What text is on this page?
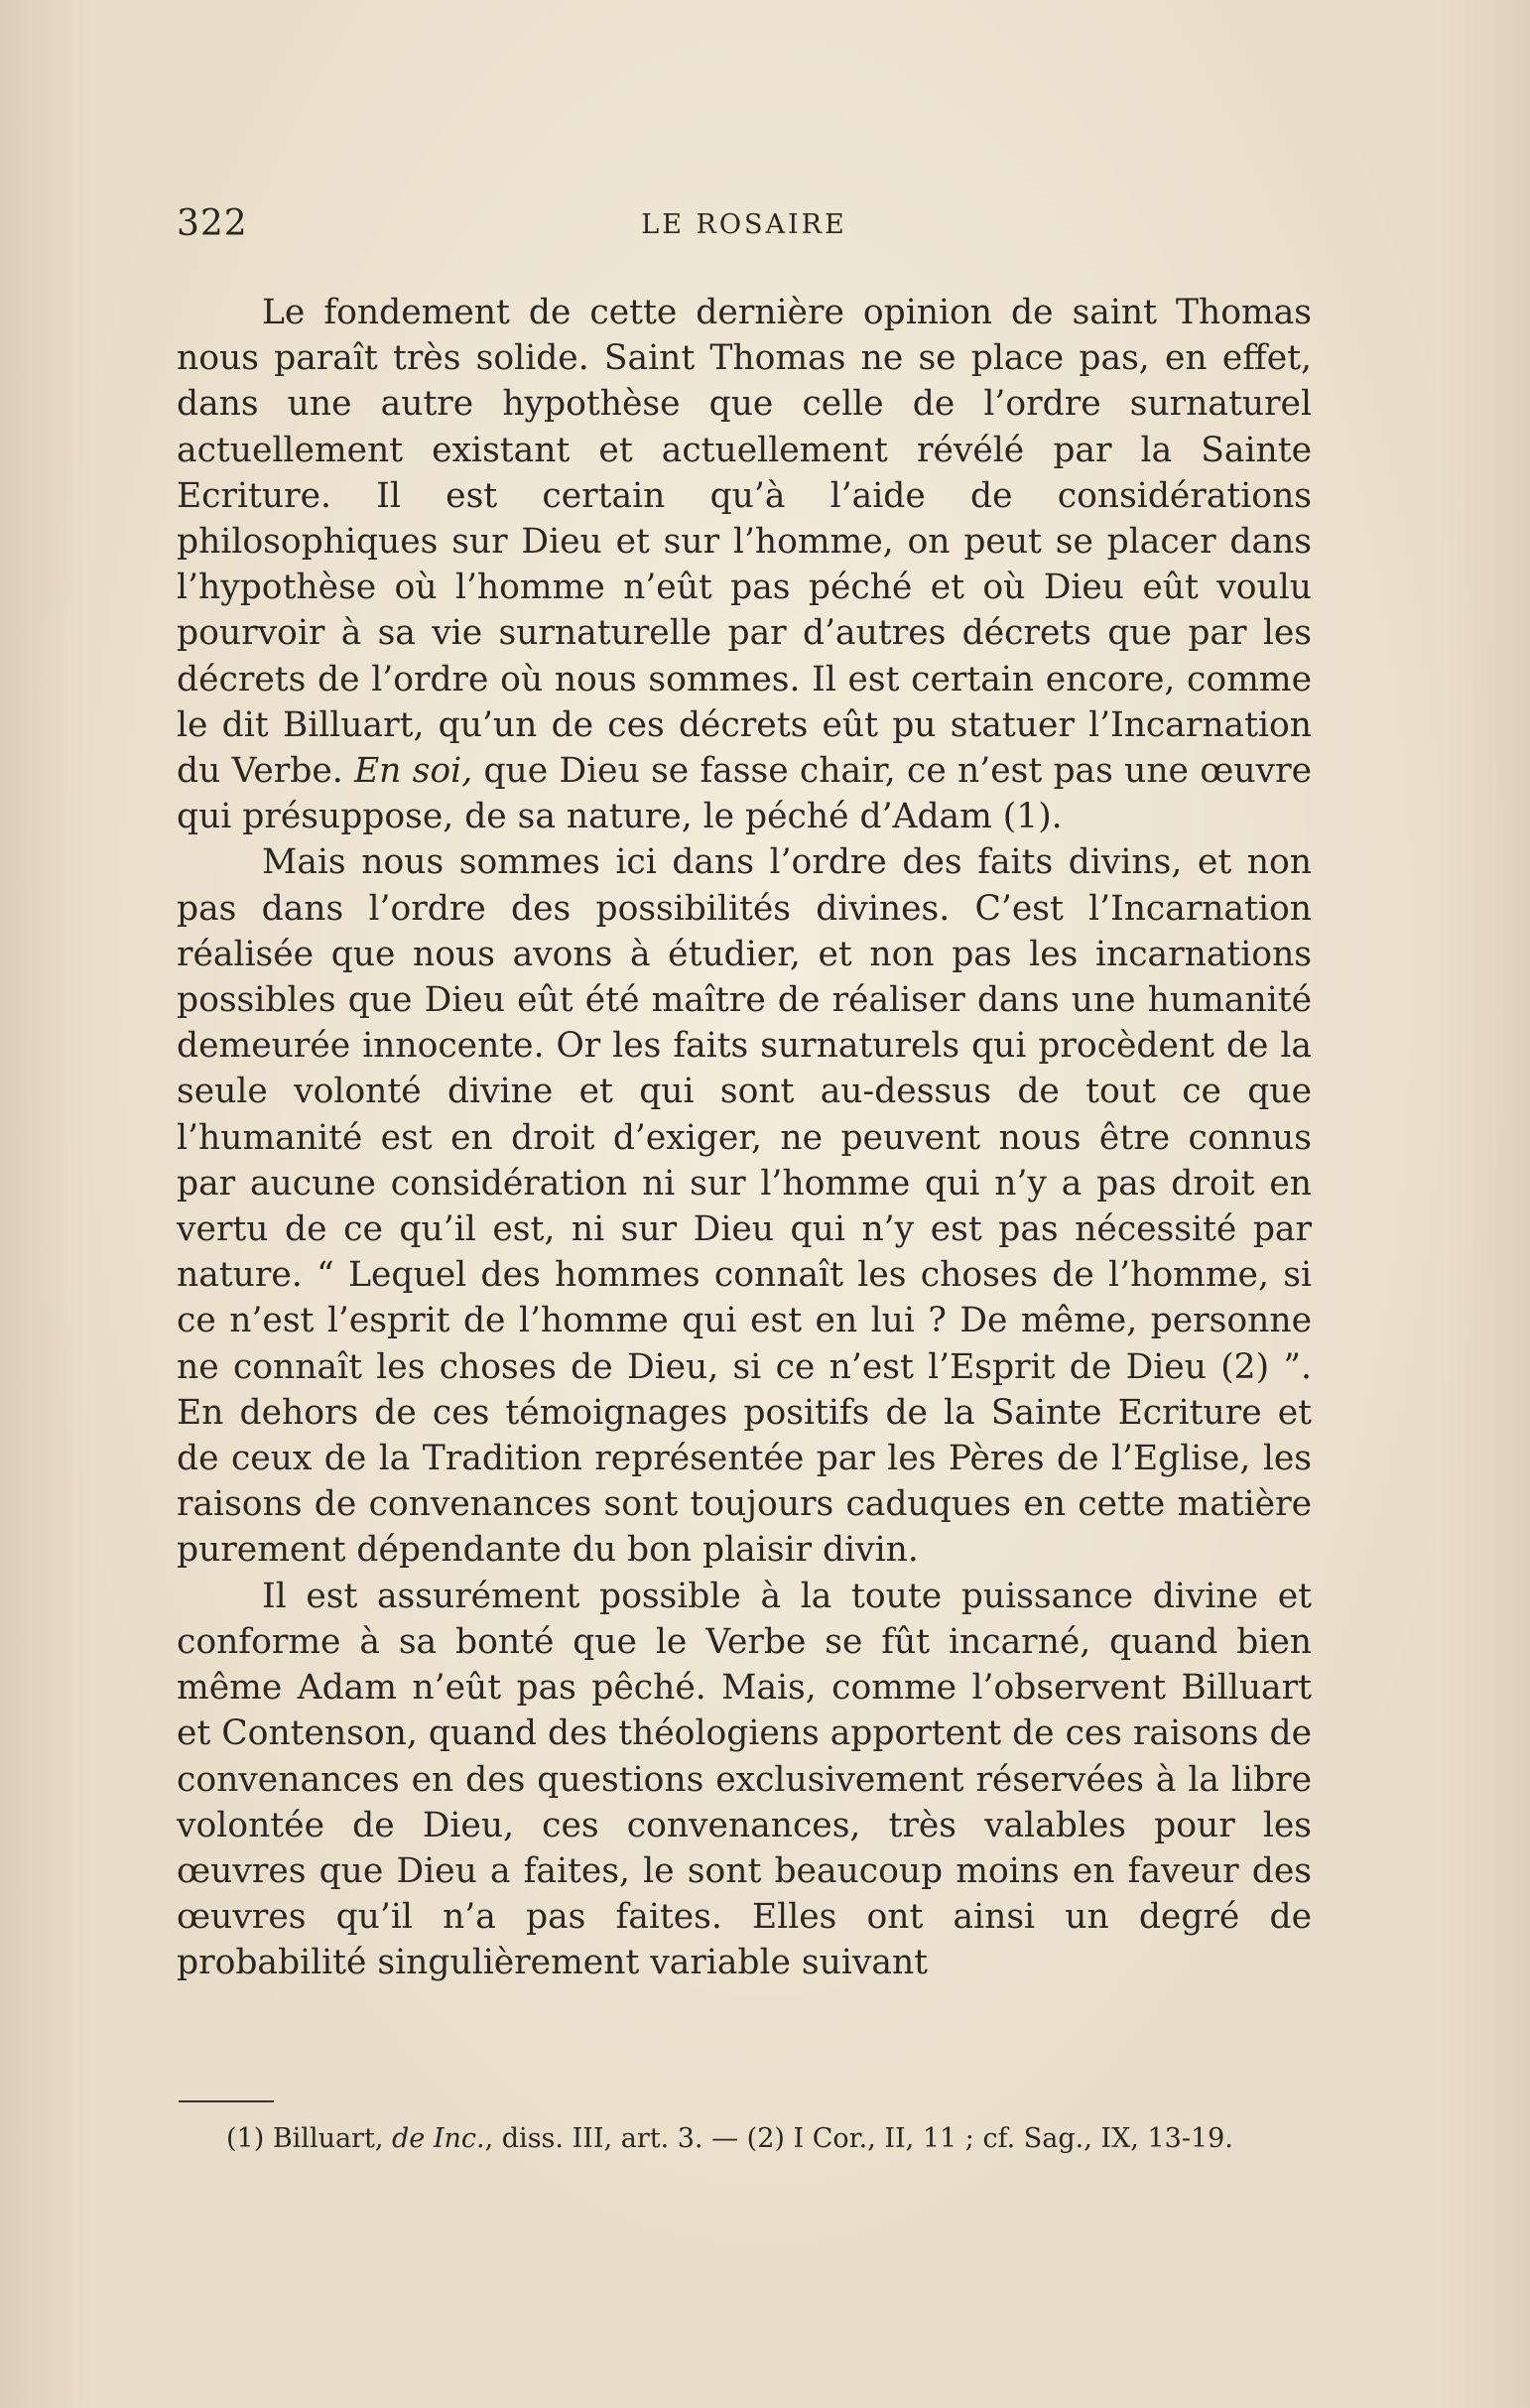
322	LE ROSAIRE

Le fondement de cette dernière opinion de saint Thomas nous paraît très solide. Saint Thomas ne se place pas, en effet, dans une autre hypothèse que celle de l’ordre surnaturel actuellement existant et actuellement révélé par la Sainte Ecriture. Il est certain qu’à l’aide de considérations philosophiques sur Dieu et sur l’homme, on peut se placer dans l’hypothèse où l’homme n’eût pas péché et où Dieu eût voulu pourvoir à sa vie surnaturelle par d’autres décrets que par les décrets de l’ordre où nous sommes. Il est certain encore, comme le dit Billuart, qu’un de ces décrets eût pu statuer l’Incarnation du Verbe. En soi, que Dieu se fasse chair, ce n’est pas une œuvre qui présuppose, de sa nature, le péché d’Adam (1).

Mais nous sommes ici dans l’ordre des faits divins, et non pas dans l’ordre des possibilités divines. C’est l’Incarnation réalisée que nous avons à étudier, et non pas les incarnations possibles que Dieu eût été maître de réaliser dans une humanité demeurée innocente. Or les faits surnaturels qui procèdent de la seule volonté divine et qui sont au-dessus de tout ce que l’humanité est en droit d’exiger, ne peuvent nous être connus par aucune considération ni sur l’homme qui n’y a pas droit en vertu de ce qu’il est, ni sur Dieu qui n’y est pas nécessité par nature. “ Lequel des hommes connaît les choses de l’homme, si ce n’est l’esprit de l’homme qui est en lui ? De même, personne ne connaît les choses de Dieu, si ce n’est l’Esprit de Dieu (2) ”. En dehors de ces témoignages positifs de la Sainte Ecriture et de ceux de la Tradition représentée par les Pères de l’Eglise, les raisons de convenances sont toujours caduques en cette matière purement dépendante du bon plaisir divin.

Il est assurément possible à la toute puissance divine et conforme à sa bonté que le Verbe se fût incarné, quand bien même Adam n’eût pas pêché. Mais, comme l’observent Billuart et Contenson, quand des théologiens apportent de ces raisons de convenances en des questions exclusivement réservées à la libre volontée de Dieu, ces convenances, très valables pour les œuvres que Dieu a faites, le sont beaucoup moins en faveur des œuvres qu’il n’a pas faites. Elles ont ainsi un degré de probabilité singulièrement variable suivant

(1) Billuart, de Inc., diss. III, art. 3. — (2) I Cor., II, 11 ; cf. Sag., IX, 13-19.
